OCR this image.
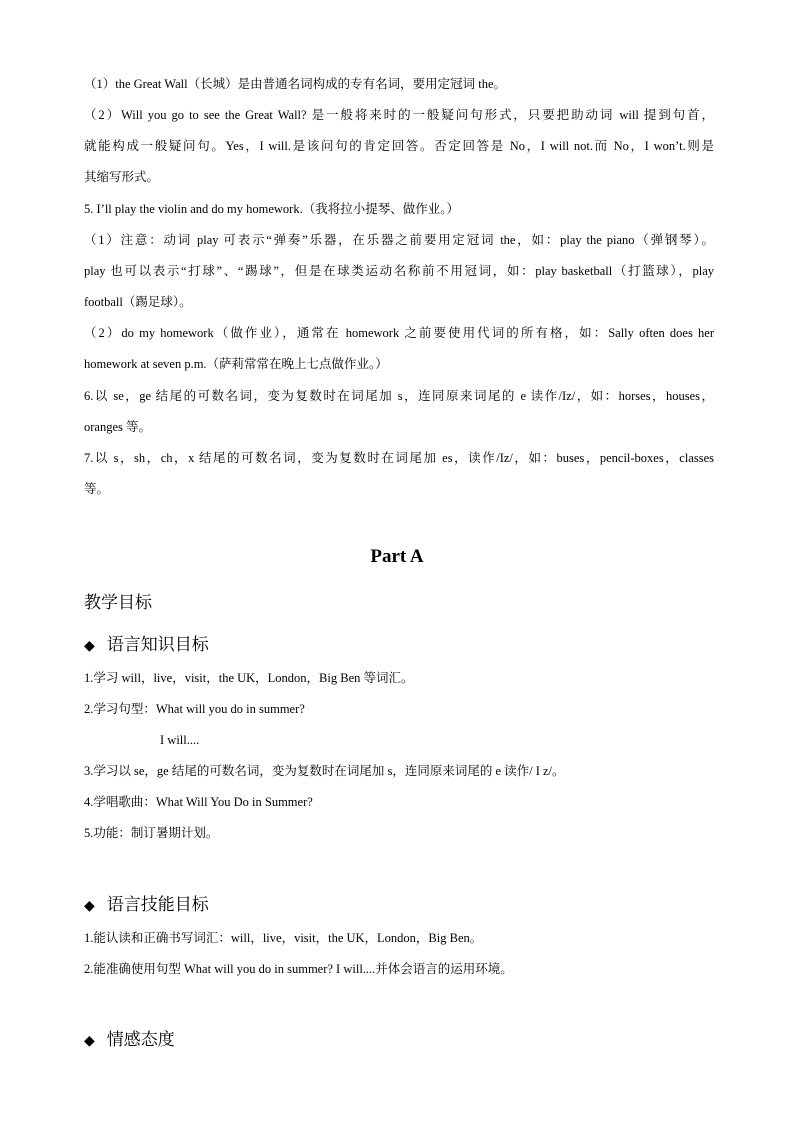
（1）the Great Wall（长城）是由普通名词构成的专有名词，要用定冠词 the。
（2）Will you go to see the Great Wall? 是一般将来时的一般疑问句形式，只要把助动词 will 提到句首，
就能构成一般疑问句。Yes，I will.是该问句的肯定回答。否定回答是 No，I will not.而 No，I won’t.则是
其缩写形式。
5. I’ll play the violin and do my homework.（我将拉小提琴、做作业。）
（1）注意：动词 play 可表示“弹奏”乐器，在乐器之前要用定冠词 the，如：play the piano（弹钢琴）。
play 也可以表示“打球”、“踢球”，但是在球类运动名称前不用冠词，如：play basketball（打篮球），play
football（踢足球）。
（2）do my homework（做作业），通常在 homework 之前要使用代词的所有格，如：Sally often does her
homework at seven p.m.（萨莉常常在晚上七点做作业。）
6.以 se，ge 结尾的可数名词，变为复数时在词尾加 s，连同原来词尾的 e 读作/Iz/，如：horses，houses，
oranges 等。
7.以 s，sh，ch，x 结尾的可数名词，变为复数时在词尾加 es，读作/Iz/，如：buses，pencil-boxes，classes
等。
Part A
教学目标
◆ 语言知识目标
1.学习 will，live，visit，the UK，London，Big Ben 等词汇。
2.学习句型：What will you do in summer?
I will....
3.学习以 se，ge 结尾的可数名词，变为复数时在词尾加 s，连同原来词尾的 e 读作/ I z/。
4.学唱歌曲：What Will You Do in Summer?
5.功能：制订暑期计划。
◆ 语言技能目标
1.能认读和正确书写词汇：will，live，visit，the UK，London，Big Ben。
2.能准确使用句型 What will you do in summer? I will....并体会语言的运用环境。
◆ 情感态度
